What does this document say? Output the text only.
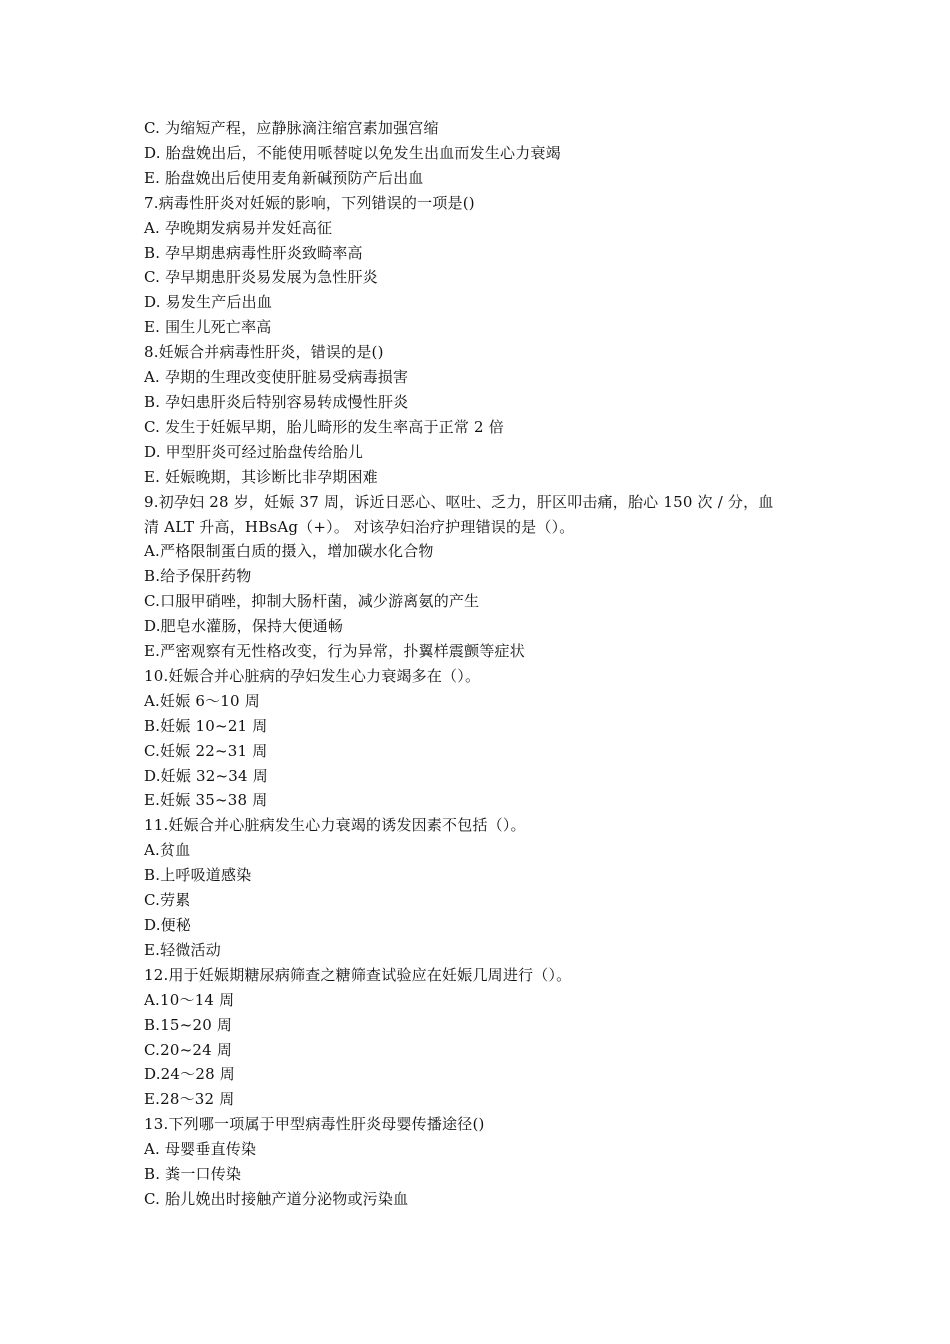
C. 为缩短产程，应静脉滴注缩宫素加强宫缩
D. 胎盘娩出后，不能使用哌替啶以免发生出血而发生心力衰竭
E. 胎盘娩出后使用麦角新碱预防产后出血
7.病毒性肝炎对妊娠的影响，下列错误的一项是()
A. 孕晚期发病易并发妊高征
B. 孕早期患病毒性肝炎致畸率高
C. 孕早期患肝炎易发展为急性肝炎
D. 易发生产后出血
E. 围生儿死亡率高
8.妊娠合并病毒性肝炎，错误的是()
A. 孕期的生理改变使肝脏易受病毒损害
B. 孕妇患肝炎后特别容易转成慢性肝炎
C. 发生于妊娠早期，胎儿畸形的发生率高于正常 2 倍
D. 甲型肝炎可经过胎盘传给胎儿
E. 妊娠晚期，其诊断比非孕期困难
9.初孕妇 28 岁，妊娠 37 周，诉近日恶心、呕吐、乏力，肝区叩击痛，胎心 150 次 / 分，血
清 ALT 升高，HBsAg（+）。 对该孕妇治疗护理错误的是（）。
A.严格限制蛋白质的摄入，增加碳水化合物
B.给予保肝药物
C.口服甲硝唑，抑制大肠杆菌，减少游离氨的产生
D.肥皂水灌肠，保持大便通畅
E.严密观察有无性格改变，行为异常，扑翼样震颤等症状
10.妊娠合并心脏病的孕妇发生心力衰竭多在（）。
A.妊娠 6～10 周
B.妊娠 10~21 周
C.妊娠 22~31 周
D.妊娠 32~34 周
E.妊娠 35~38 周
11.妊娠合并心脏病发生心力衰竭的诱发因素不包括（）。
A.贫血
B.上呼吸道感染
C.劳累
D.便秘
E.轻微活动
12.用于妊娠期糖尿病筛查之糖筛查试验应在妊娠几周进行（）。
A.10～14 周
B.15~20 周
C.20~24 周
D.24～28 周
E.28～32 周
13.下列哪一项属于甲型病毒性肝炎母婴传播途径()
A. 母婴垂直传染
B. 粪一口传染
C. 胎儿娩出时接触产道分泌物或污染血
